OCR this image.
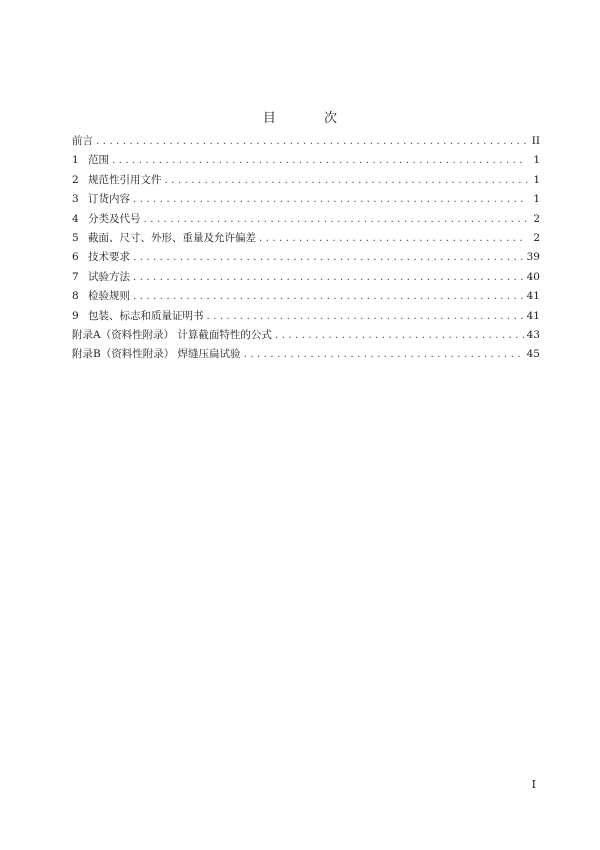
目 次
前言 . . .	II
1 范围 . . .	1
2 规范性引用文件 . . .	1
3 订货内容 . . .	1
4 分类及代号 . . .	2
5 截面、尺寸、外形、重量及允许偏差 . . .	2
6 技术要求 . . .	39
7 试验方法 . . .	40
8 检验规则 . . .	41
9 包装、标志和质量证明书 . . .	41
附录A（资料性附录） 计算截面特性的公式 . . .	43
附录B（资料性附录） 焊缝压扁试验 . . .	45
I
